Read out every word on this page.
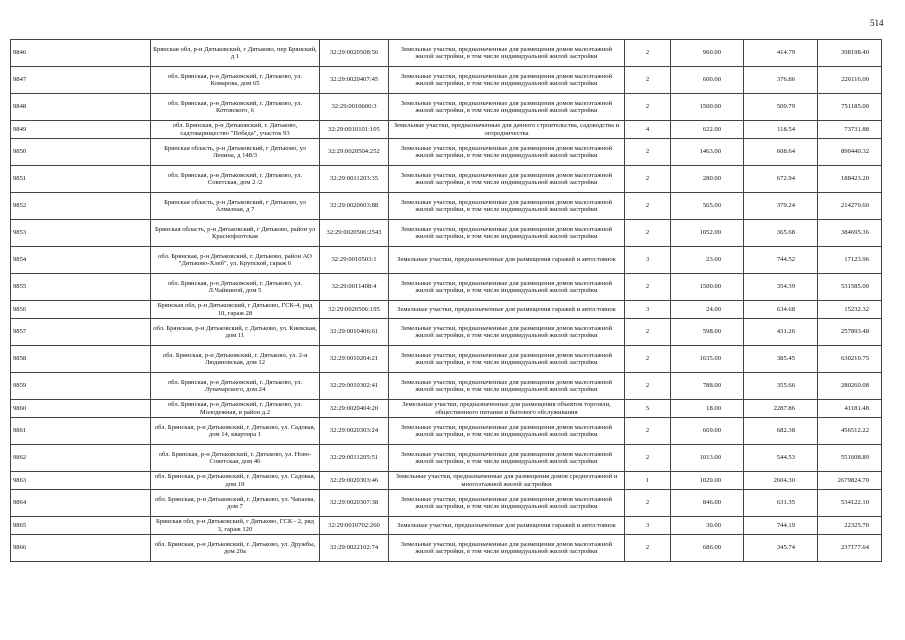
514
9846	Брянская обл, р-н Дятьковский, г Дятьково, пер Брянский, д 1	32:29:0020508:56	Земельные участки, предназначенные для размещения домов малоэтажной жилой застройки, в том числе индивидуальной жилой застройки	2	960.00	414.79	398198.40
9847	обл. Брянская, р-н Дятьковский, г. Дятьково, ул. Комарова, дом 65	32:29:0020407:45	Земельные участки, предназначенные для размещения домов малоэтажной жилой застройки, в том числе индивидуальной жилой застройки	2	600.00	376.86	226116.00
9848	обл. Брянская, р-н Дятьковский, г. Дятьково, ул. Котовского, 6	32:29:0010606:3	Земельные участки, предназначенные для размещения домов малоэтажной жилой застройки, в том числе индивидуальной жилой застройки	2	1500.00	500.79	751185.00
9849	обл. Брянская, р-н Дятьковский, г. Дятьково, садтоварищество "Победа", участок 93	32:29:0010101:105	Земельные участки, предназначенные для дачного строительства, садоводства и огородничества	4	622.00	118.54	73731.88
9850	Брянская область, р-н Дятьковский, г Дятьково, ул Ленина, д 148/3	32:29:0020504:252	Земельные участки, предназначенные для размещения домов малоэтажной жилой застройки, в том числе индивидуальной жилой застройки	2	1463.00	608.64	890440.32
9851	обл. Брянская, р-н Дятьковский, г. Дятьково, ул. Советская, дом 2 /2	32:29:0011203:35	Земельные участки, предназначенные для размещения домов малоэтажной жилой застройки, в том числе индивидуальной жилой застройки	2	280.00	672.94	188423.20
9852	Брянская область, р-н Дятьковский, г Дятьково, ул Алмазная, д 7	32:29:0020603:88	Земельные участки, предназначенные для размещения домов малоэтажной жилой застройки, в том числе индивидуальной жилой застройки	2	565.00	379.24	214270.60
9853	Брянская область, р-н Дятьковский, г Дятьково, район ул Краснофлотская	32:29:0020506:2543	Земельные участки, предназначенные для размещения домов малоэтажной жилой застройки, в том числе индивидуальной жилой застройки	2	1052.00	365.68	384695.36
9854	обл. Брянская, р-н Дятьковский, г. Дятьково, район АО "Дятьково-Хлеб", ул. Крупской, гараж 6	32:29:0010503:1	Земельные участки, предназначенные для размещения гаражей и автостоянок	3	23.00	744.52	17123.96
9855	обл. Брянская, р-н Дятьковский, г. Дятьково, ул. Л.Чайкиной, дом 5	32:29:0011408:4	Земельные участки, предназначенные для размещения домов малоэтажной жилой застройки, в том числе индивидуальной жилой застройки	2	1500.00	354.39	531585.00
9856	Брянская обл, р-н Дятьковский, г Дятьково, ГСК-4, ряд 10, гараж 28	32:29:0020506:195	Земельные участки, предназначенные для размещения гаражей и автостоянок	3	24.00	634.68	15232.32
9857	обл. Брянская, р-н Дятьковский, г. Дятьково, ул. Киевская, дом 11	32:29:0010406:61	Земельные участки, предназначенные для размещения домов малоэтажной жилой застройки, в том числе индивидуальной жилой застройки	2	598.00	431.26	257893.48
9858	обл. Брянская, р-н Дятьковский, г. Дятьково, ул. 2-я Людиновская, дом 12	32:29:0010204:21	Земельные участки, предназначенные для размещения домов малоэтажной жилой застройки, в том числе индивидуальной жилой застройки	2	1635.00	385.45	630210.75
9859	обл. Брянская, р-н Дятьковский, г. Дятьково, ул. Луначарского, дом 24	32:29:0010302:41	Земельные участки, предназначенные для размещения домов малоэтажной жилой застройки, в том числе индивидуальной жилой застройки	2	788.00	355.66	280260.08
9860	обл. Брянская, р-н Дятьковский, г. Дятьково, ул. Молодежная, в район д.2	32:29:0020404:20	Земельные участки, предназначенные для размещения объектов торговли, общественного питания и бытового обслуживания	5	18.00	2287.86	41181.48
9861	обл. Брянская, р-н Дятьковский, г. Дятьково, ул. Садовая, дом 14, квартира 1	32:29:0020303:24	Земельные участки, предназначенные для размещения домов малоэтажной жилой застройки, в том числе индивидуальной жилой застройки	2	669.00	682.38	456512.22
9862	обл. Брянская, р-н Дятьковский, г. Дятьково, ул. Ново-Советская, дом 46	32:29:0011205:51	Земельные участки, предназначенные для размещения домов малоэтажной жилой застройки, в том числе индивидуальной жилой застройки	2	1013.00	544.53	551608.89
9863	обл. Брянская, р-н Дятьковский, г. Дятьково, ул. Садовая, дом 19	32:29:0020303:46	Земельные участки, предназначенные для размещения домов среднеэтажной и многоэтажной жилой застройки	1	1029.00	2604.30	2679824.70
9864	обл. Брянская, р-н Дятьковский, г. Дятьково, ул. Чапаева, дом 7	32:29:0020307:38	Земельные участки, предназначенные для размещения домов малоэтажной жилой застройки, в том числе индивидуальной жилой застройки	2	846.00	631.35	534122.10
9865	Брянская обл, р-н Дятьковский, г Дятьково, ГСК - 2, ряд 3, гараж 120	32:29:0010702:260	Земельные участки, предназначенные для размещения гаражей и автостоянок	3	30.00	744.19	22325.70
9866	обл. Брянская, р-н Дятьковский, г. Дятьково, ул. Дружбы, дом 20а	32:29:0022102:74	Земельные участки, предназначенные для размещения домов малоэтажной жилой застройки, в том числе индивидуальной жилой застройки	2	686.00	345.74	237177.64
